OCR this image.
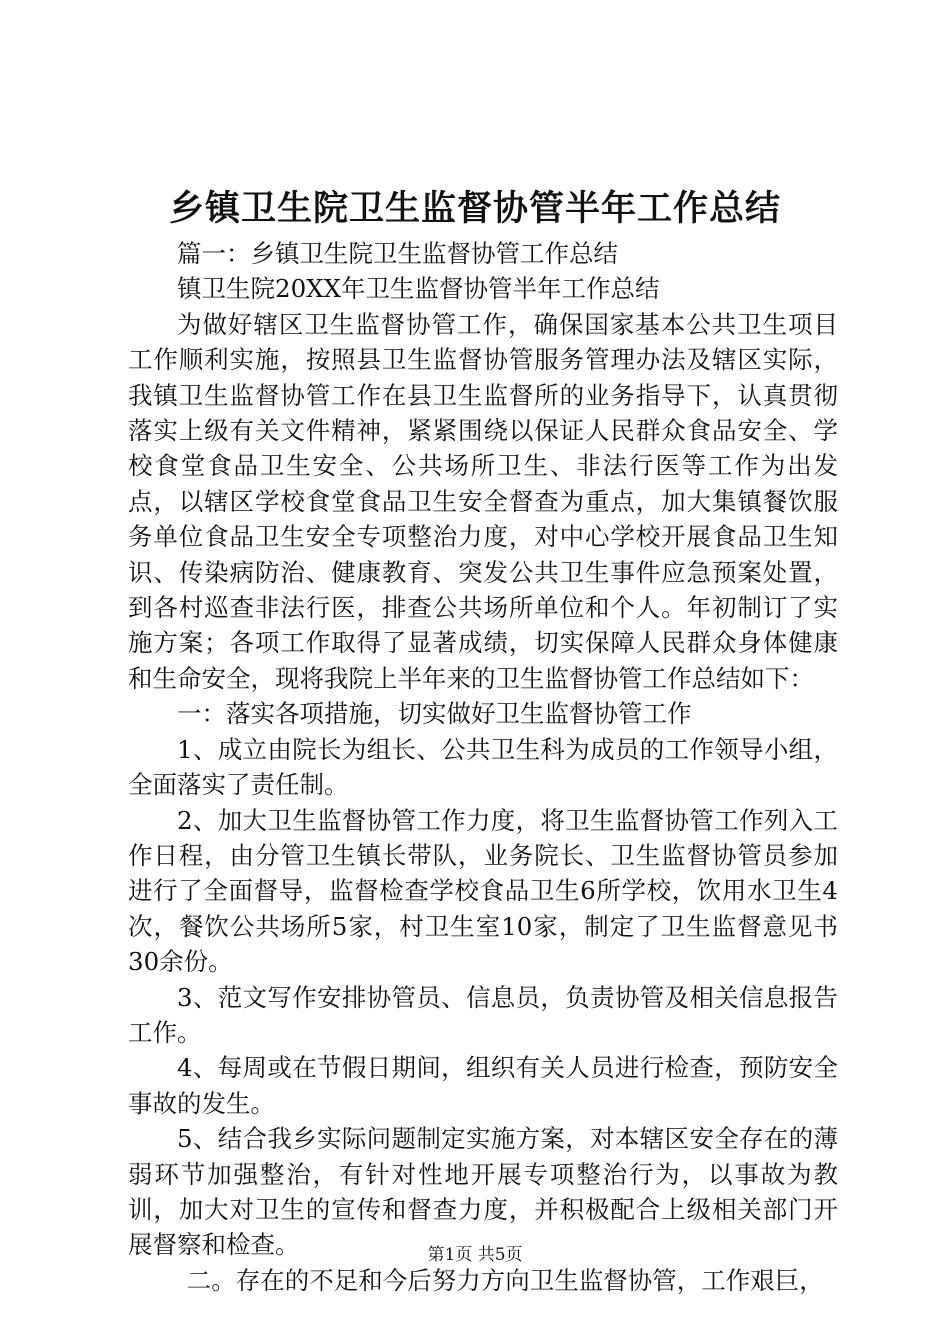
乡镇卫生院卫生监督协管半年工作总结

篇一：乡镇卫生院卫生监督协管工作总结

镇卫生院20XX年卫生监督协管半年工作总结

为做好辖区卫生监督协管工作，确保国家基本公共卫生项目工作顺利实施，按照县卫生监督协管服务管理办法及辖区实际，我镇卫生监督协管工作在县卫生监督所的业务指导下，认真贯彻落实上级有关文件精神，紧紧围绕以保证人民群众食品安全、学校食堂食品卫生安全、公共场所卫生、非法行医等工作为出发点，以辖区学校食堂食品卫生安全督查为重点，加大集镇餐饮服务单位食品卫生安全专项整治力度，对中心学校开展食品卫生知识、传染病防治、健康教育、突发公共卫生事件应急预案处置，到各村巡查非法行医，排查公共场所单位和个人。年初制订了实施方案；各项工作取得了显著成绩，切实保障人民群众身体健康和生命安全，现将我院上半年来的卫生监督协管工作总结如下：

一：落实各项措施，切实做好卫生监督协管工作

1、成立由院长为组长、公共卫生科为成员的工作领导小组，全面落实了责任制。

2、加大卫生监督协管工作力度，将卫生监督协管工作列入工作日程，由分管卫生镇长带队，业务院长、卫生监督协管员参加进行了全面督导，监督检查学校食品卫生6所学校，饮用水卫生4次，餐饮公共场所5家，村卫生室10家，制定了卫生监督意见书30余份。

3、范文写作安排协管员、信息员，负责协管及相关信息报告工作。

4、每周或在节假日期间，组织有关人员进行检查，预防安全事故的发生。

5、结合我乡实际问题制定实施方案，对本辖区安全存在的薄弱环节加强整治，有针对性地开展专项整治行为，以事故为教训，加大对卫生的宣传和督查力度，并积极配合上级相关部门开展督察和检查。

二。存在的不足和今后努力方向卫生监督协管，工作艰巨，

第1页 共5页
